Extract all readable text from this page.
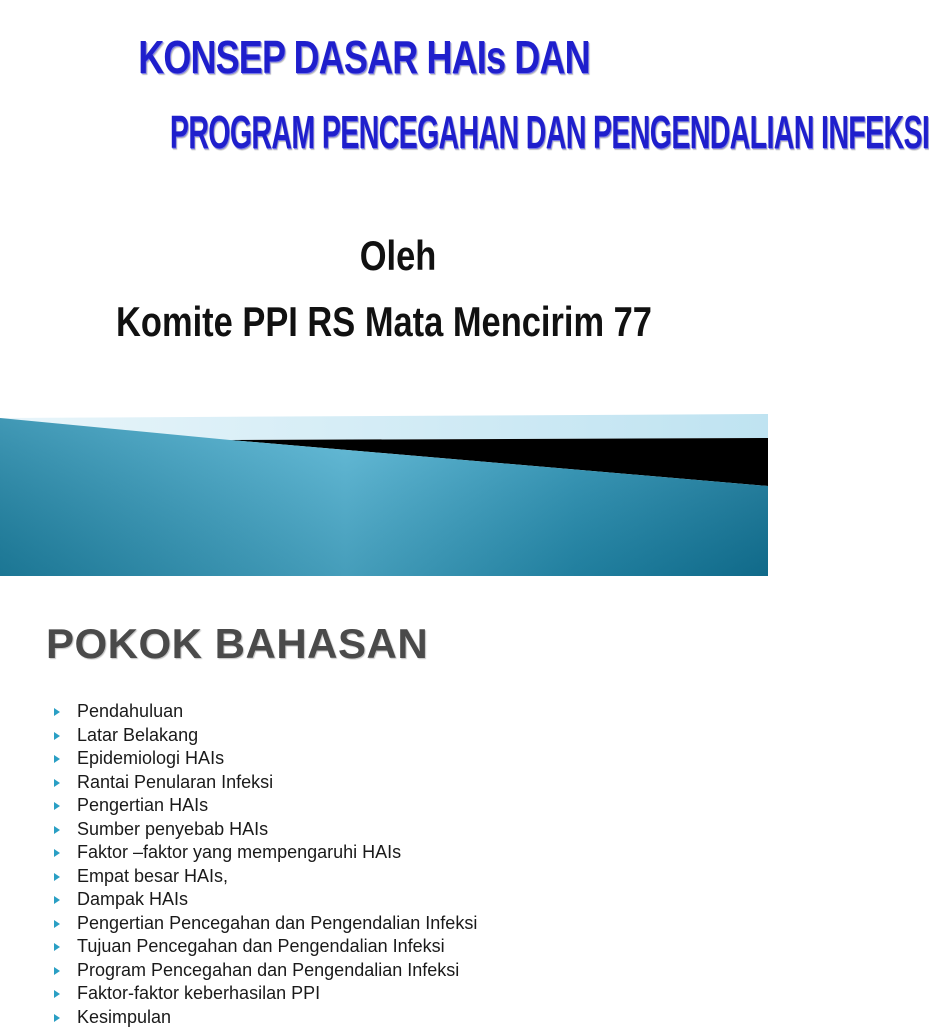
KONSEP DASAR HAIs DAN
PROGRAM PENCEGAHAN DAN PENGENDALIAN INFEKSI
Oleh
Komite PPI RS Mata Mencirim 77
POKOK BAHASAN
Pendahuluan
Latar Belakang
Epidemiologi HAIs
Rantai Penularan Infeksi
Pengertian HAIs
Sumber penyebab HAIs
Faktor –faktor yang mempengaruhi HAIs
Empat besar HAIs,
Dampak HAIs
Pengertian Pencegahan dan Pengendalian Infeksi
Tujuan Pencegahan dan Pengendalian Infeksi
Program Pencegahan dan Pengendalian Infeksi
Faktor-faktor keberhasilan PPI
Kesimpulan
